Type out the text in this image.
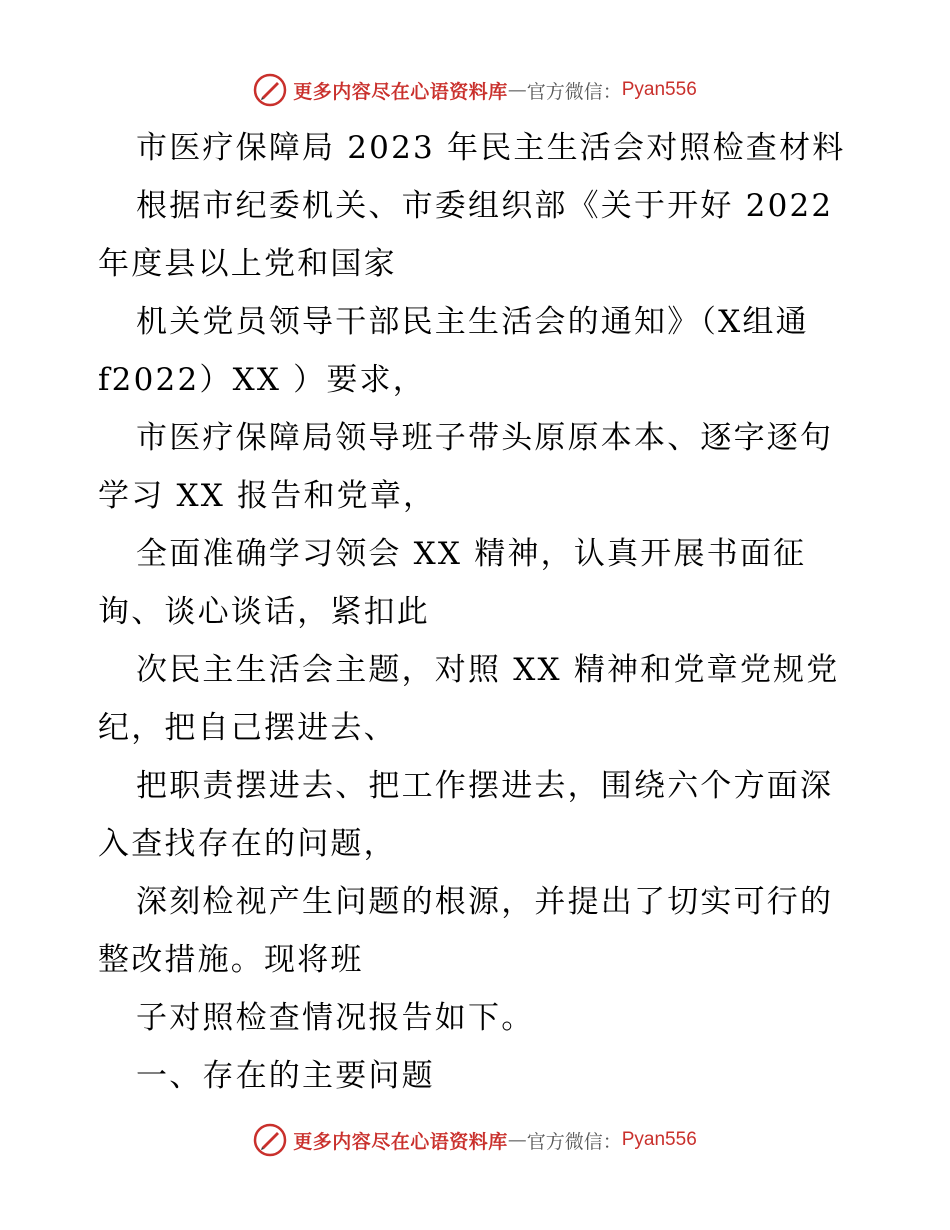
更多内容尽在心语资料库 — 官方微信： Pyan556
市医疗保障局 2023 年民主生活会对照检查材料
根据市纪委机关、市委组织部《关于开好 2022
年度县以上党和国家
机关党员领导干部民主生活会的通知》（X组通
f2022）XX ）要求，
市医疗保障局领导班子带头原原本本、逐字逐句
学习 XX 报告和党章，
全面准确学习领会 XX 精神，认真开展书面征
询、谈心谈话，紧扣此
次民主生活会主题，对照 XX 精神和党章党规党
纪，把自己摆进去、
把职责摆进去、把工作摆进去，围绕六个方面深
入查找存在的问题，
深刻检视产生问题的根源，并提出了切实可行的
整改措施。现将班
子对照检查情况报告如下。
一、存在的主要问题
更多内容尽在心语资料库 — 官方微信： Pyan556
